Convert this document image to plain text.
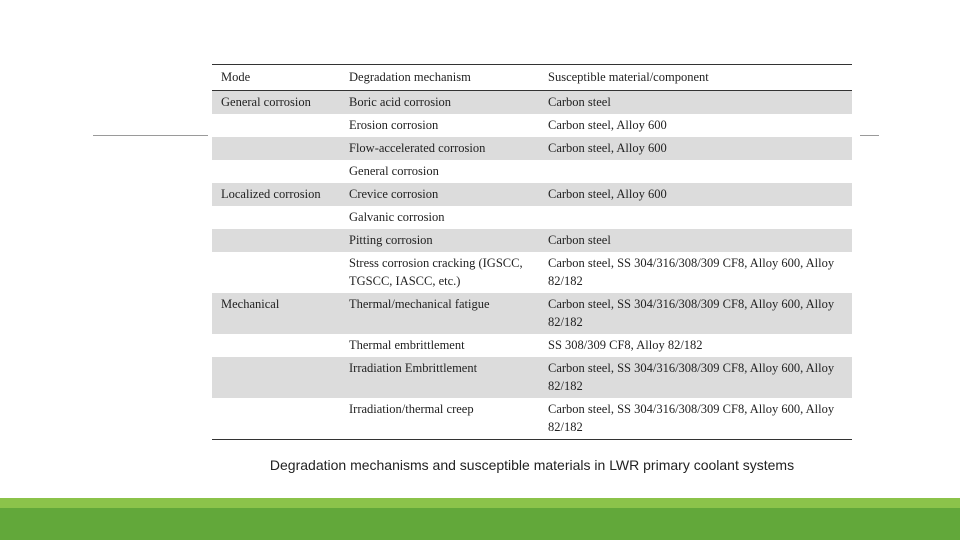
Mode	Degradation mechanism	Susceptible material/component
General corrosion	Boric acid corrosion	Carbon steel
	Erosion corrosion	Carbon steel, Alloy 600
	Flow-accelerated corrosion	Carbon steel, Alloy 600
	General corrosion	
Localized corrosion	Crevice corrosion	Carbon steel, Alloy 600
	Galvanic corrosion	
	Pitting corrosion	Carbon steel
	Stress corrosion cracking (IGSCC, TGSCC, IASCC, etc.)	Carbon steel, SS 304/316/308/309 CF8, Alloy 600, Alloy 82/182
Mechanical	Thermal/mechanical fatigue	Carbon steel, SS 304/316/308/309 CF8, Alloy 600, Alloy 82/182
	Thermal embrittlement	SS 308/309 CF8, Alloy 82/182
	Irradiation Embrittlement	Carbon steel, SS 304/316/308/309 CF8, Alloy 600, Alloy 82/182
	Irradiation/thermal creep	Carbon steel, SS 304/316/308/309 CF8, Alloy 600, Alloy 82/182
Degradation mechanisms and susceptible materials in LWR primary coolant systems
